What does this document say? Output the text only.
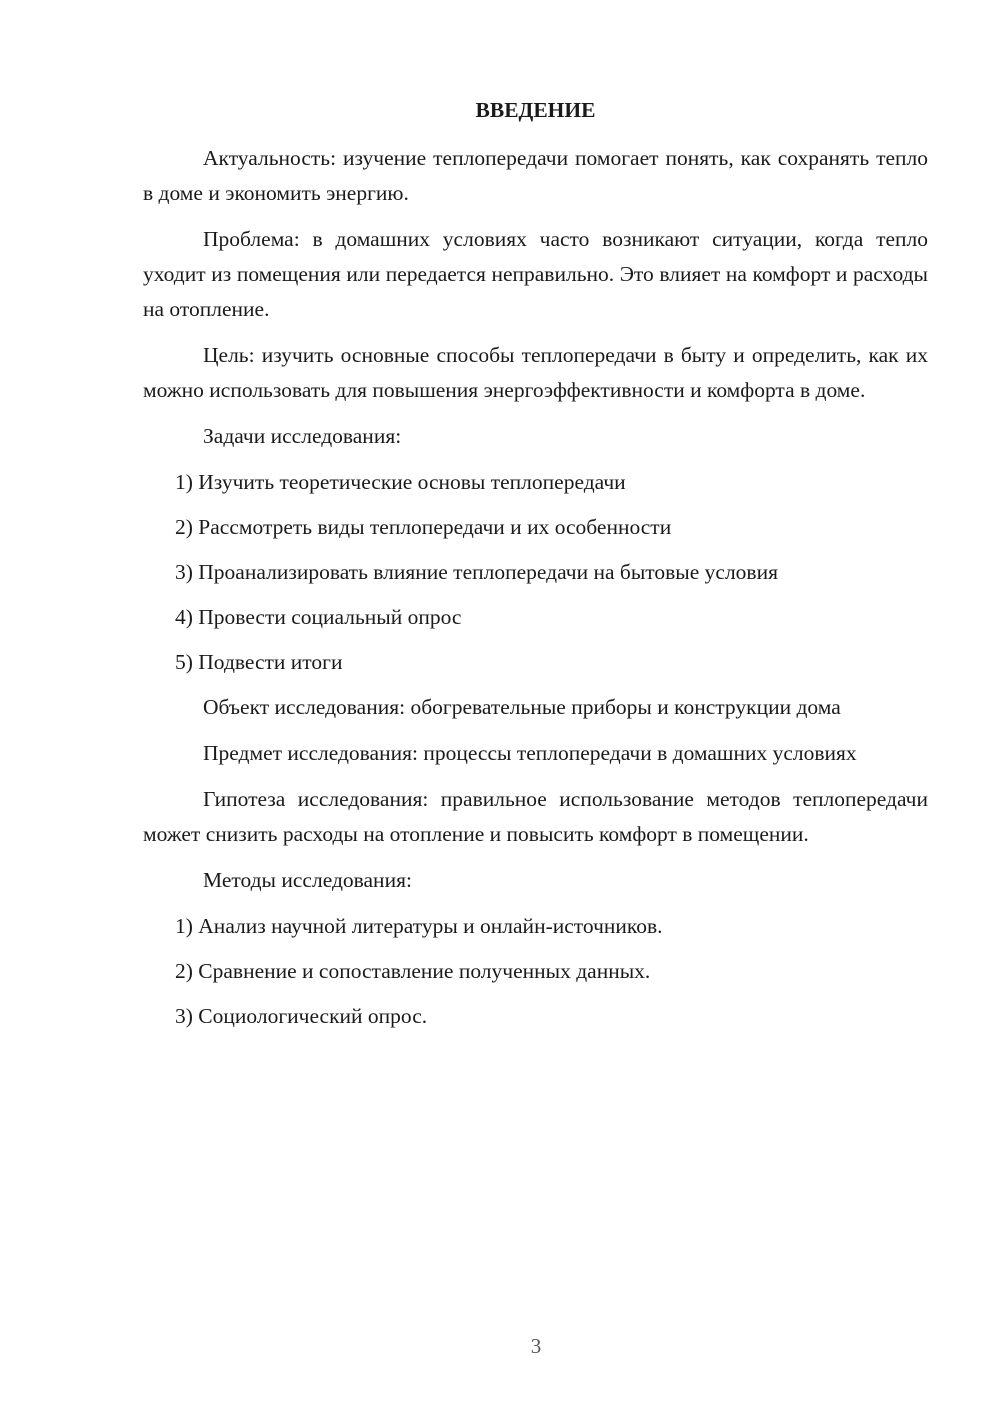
ВВЕДЕНИЕ

Актуальность: изучение теплопередачи помогает понять, как сохранять тепло в доме и экономить энергию.

Проблема: в домашних условиях часто возникают ситуации, когда тепло уходит из помещения или передается неправильно. Это влияет на комфорт и расходы на отопление.

Цель: изучить основные способы теплопередачи в быту и определить, как их можно использовать для повышения энергоэффективности и комфорта в доме.

Задачи исследования:

1) Изучить теоретические основы теплопередачи

2) Рассмотреть виды теплопередачи и их особенности

3) Проанализировать влияние теплопередачи на бытовые условия

4) Провести социальный опрос

5) Подвести итоги

Объект исследования: обогревательные приборы и конструкции дома

Предмет исследования: процессы теплопередачи в домашних условиях

Гипотеза исследования: правильное использование методов теплопередачи может снизить расходы на отопление и повысить комфорт в помещении.

Методы исследования:

1) Анализ научной литературы и онлайн-источников.

2) Сравнение и сопоставление полученных данных.

3) Социологический опрос.

3
